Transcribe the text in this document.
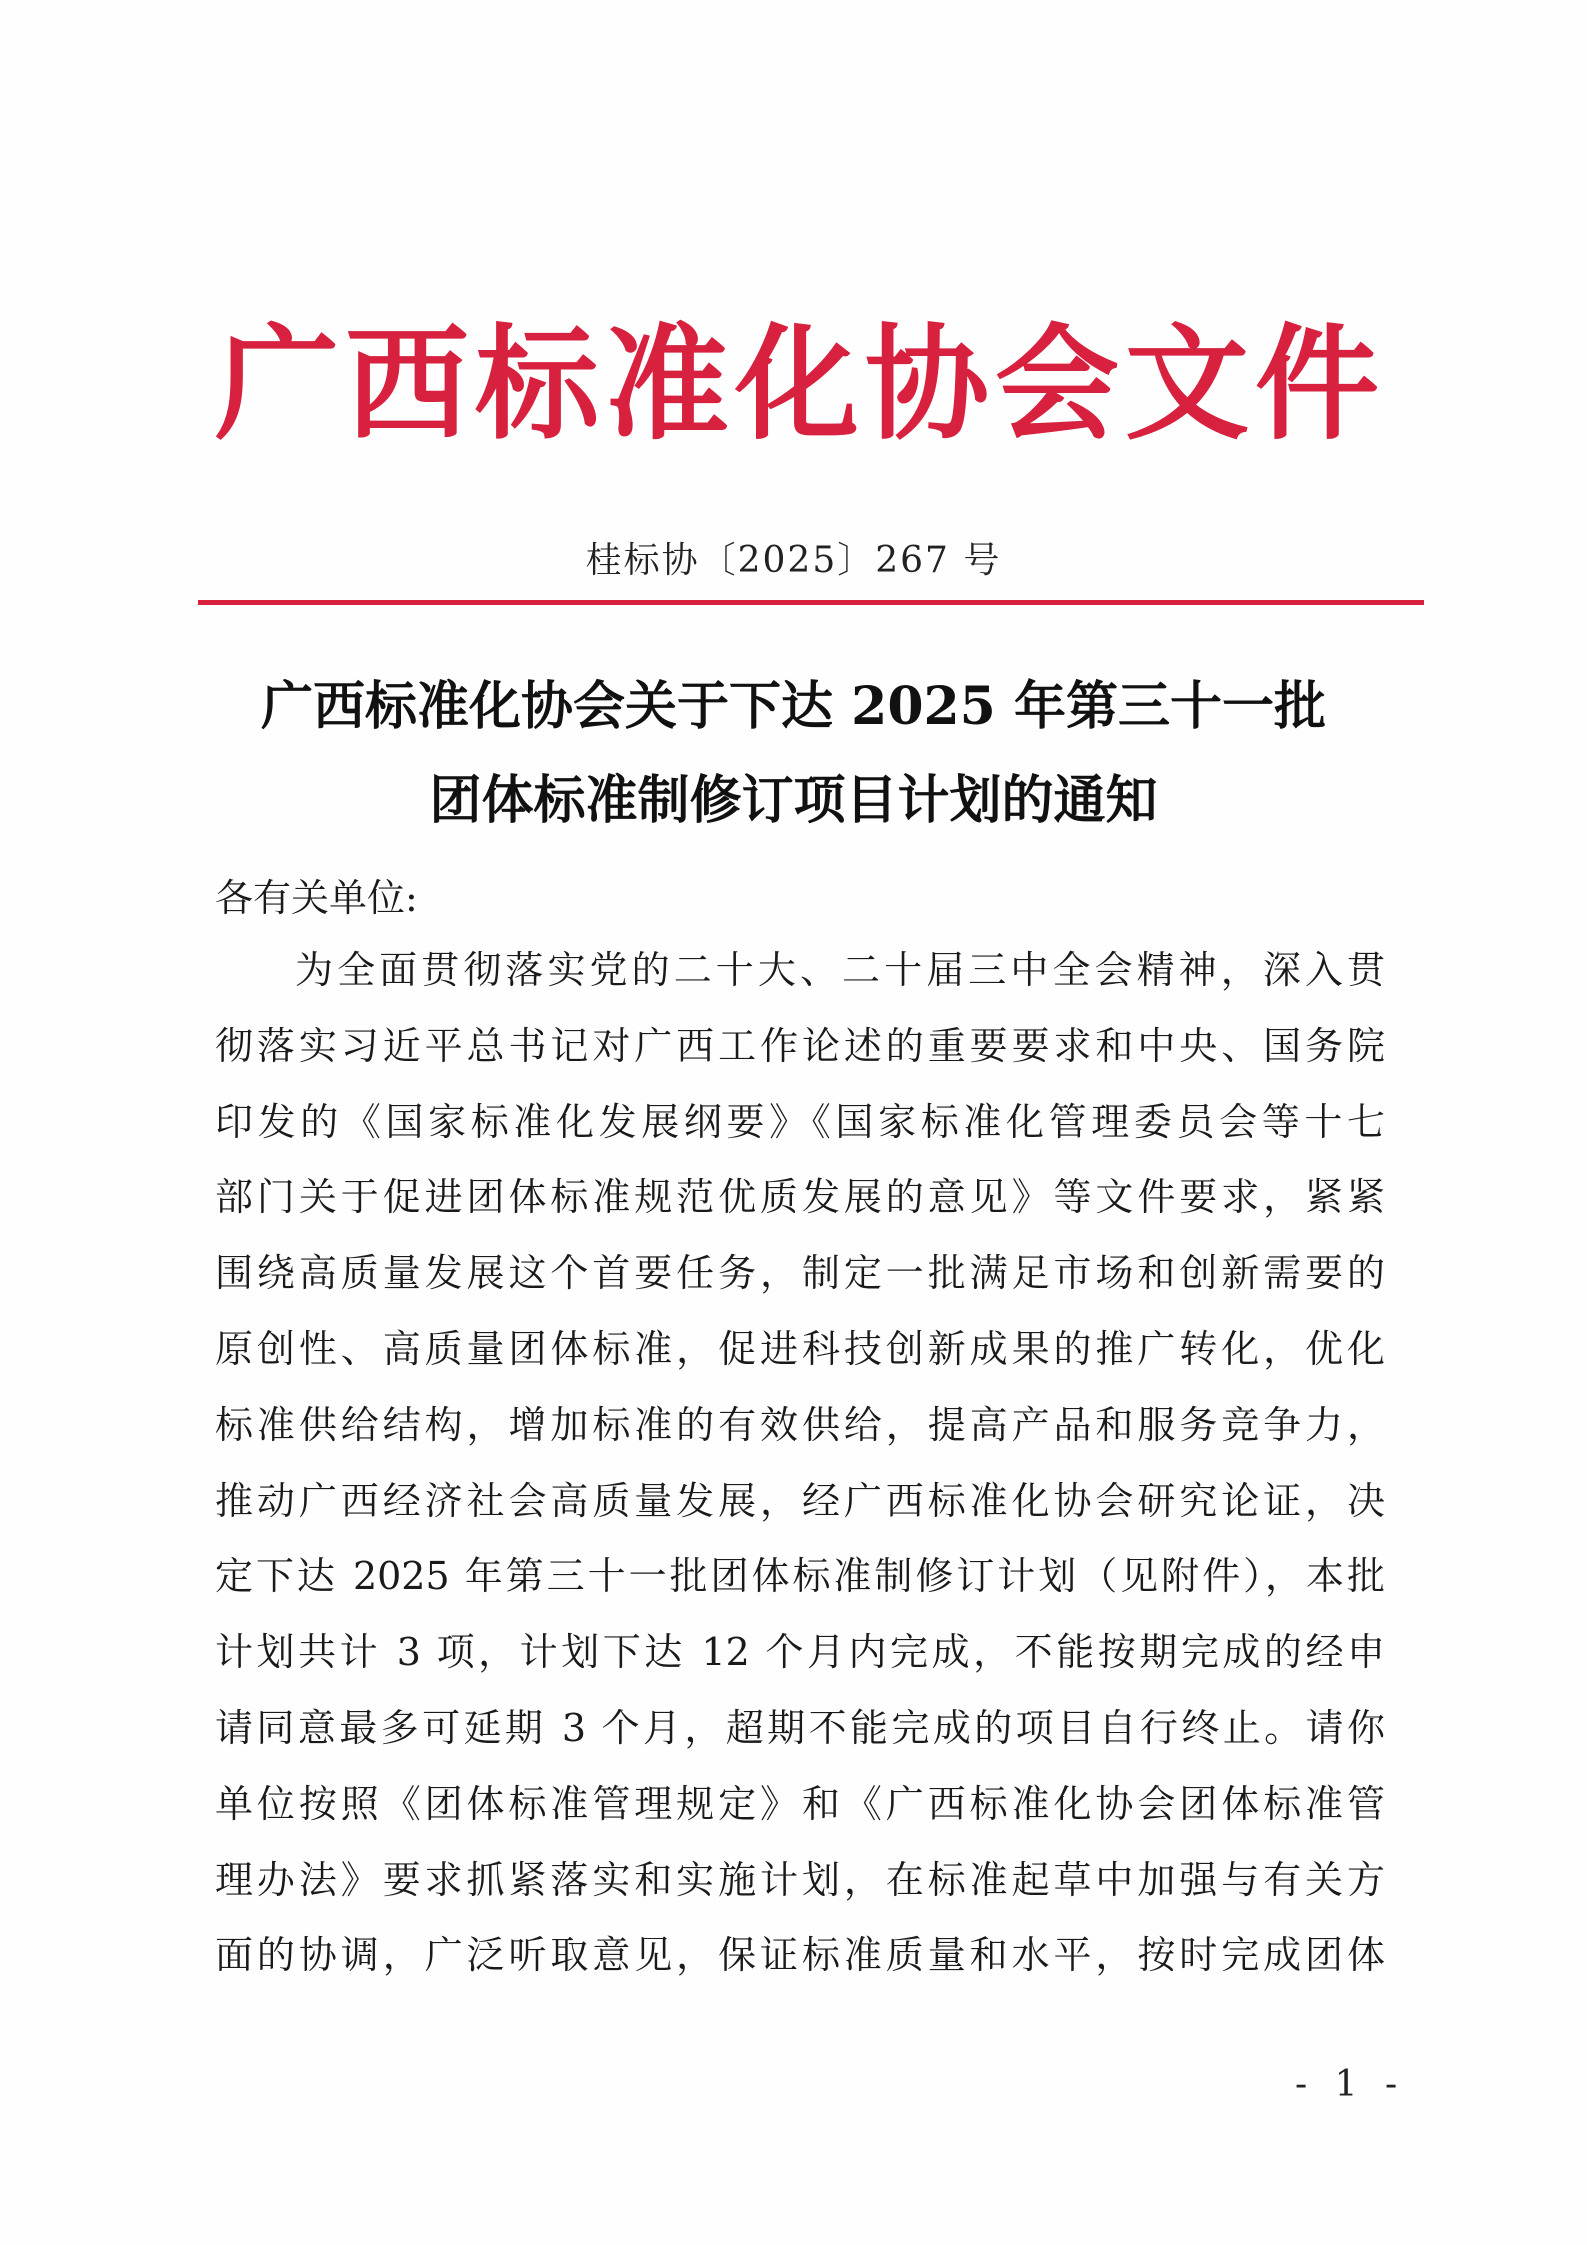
广西标准化协会文件
桂标协〔2025〕267 号
广西标准化协会关于下达 2025 年第三十一批
团体标准制修订项目计划的通知
各有关单位:
为全面贯彻落实党的二十大、二十届三中全会精神，深入贯
彻落实习近平总书记对广西工作论述的重要要求和中央、国务院
印发的《国家标准化发展纲要》《国家标准化管理委员会等十七
部门关于促进团体标准规范优质发展的意见》等文件要求，紧紧
围绕高质量发展这个首要任务，制定一批满足市场和创新需要的
原创性、高质量团体标准，促进科技创新成果的推广转化，优化
标准供给结构，增加标准的有效供给，提高产品和服务竞争力，
推动广西经济社会高质量发展，经广西标准化协会研究论证，决
定下达 2025 年第三十一批团体标准制修订计划（见附件），本批
计划共计 3 项，计划下达 12 个月内完成，不能按期完成的经申
请同意最多可延期 3 个月，超期不能完成的项目自行终止。请你
单位按照《团体标准管理规定》和《广西标准化协会团体标准管
理办法》要求抓紧落实和实施计划，在标准起草中加强与有关方
面的协调，广泛听取意见，保证标准质量和水平，按时完成团体
- 1 -
